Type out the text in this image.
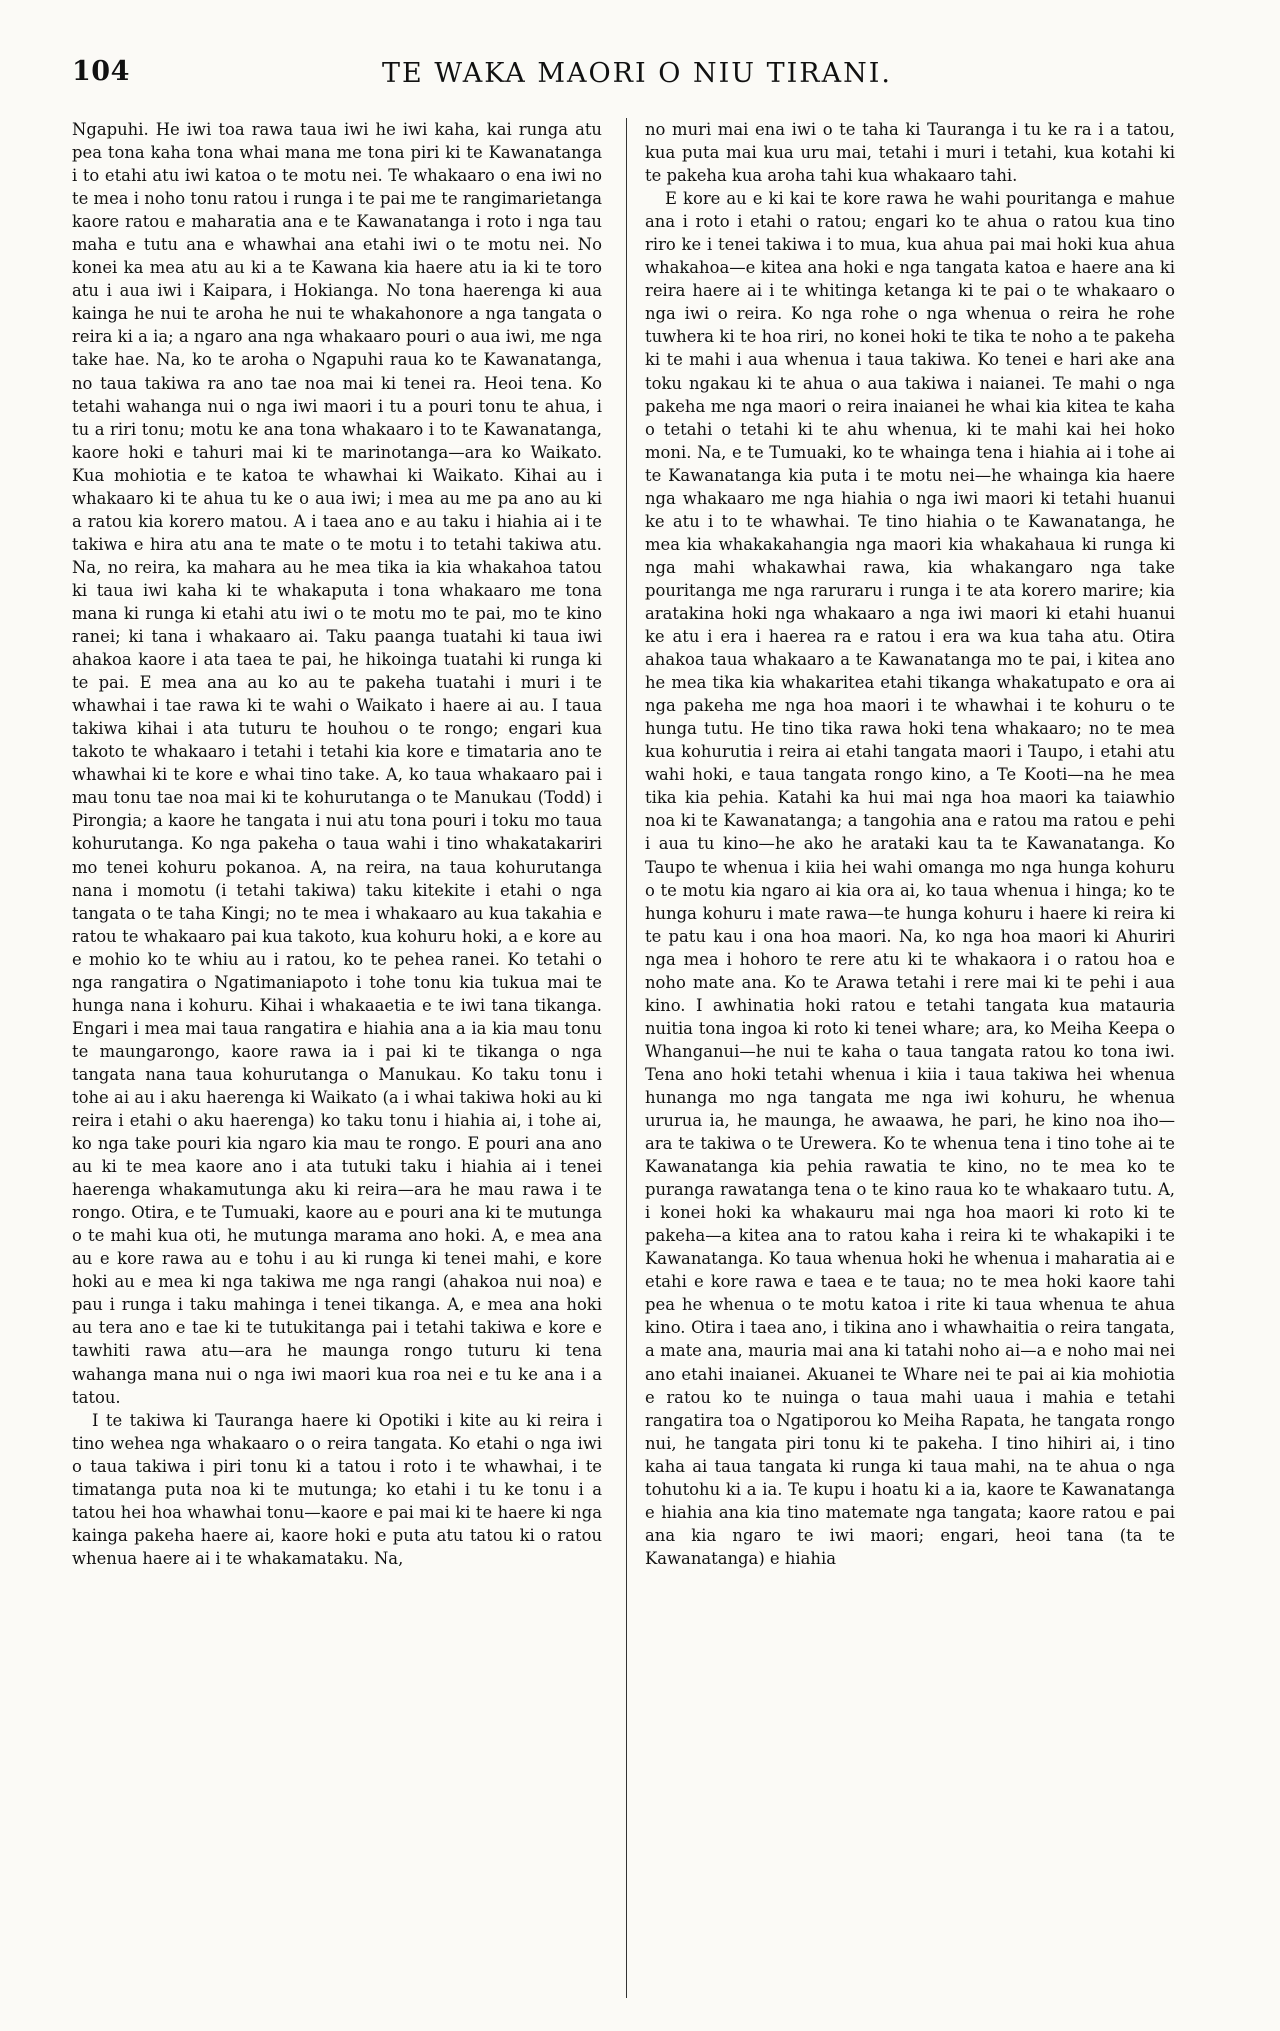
104	TE WAKA MAORI O NIU TIRANI.

Ngapuhi. He iwi toa rawa taua iwi he iwi kaha, kai runga atu pea tona kaha tona whai mana me tona piri ki te Kawanatanga i to etahi atu iwi katoa o te motu nei. Te whakaaro o ena iwi no te mea i noho tonu ratou i runga i te pai me te rangimarietanga kaore ratou e maharatia ana e te Kawanatanga i roto i nga tau maha e tutu ana e whawhai ana etahi iwi o te motu nei. No konei ka mea atu au ki a te Kawana kia haere atu ia ki te toro atu i aua iwi i Kaipara, i Hokianga. No tona haerenga ki aua kainga he nui te aroha he nui te whakahonore a nga tangata o reira ki a ia; a ngaro ana nga whakaaro pouri o aua iwi, me nga take hae. Na, ko te aroha o Ngapuhi raua ko te Kawanatanga, no taua takiwa ra ano tae noa mai ki tenei ra. Heoi tena. Ko tetahi wahanga nui o nga iwi maori i tu a pouri tonu te ahua, i tu a riri tonu; motu ke ana tona whakaaro i to te Kawanatanga, kaore hoki e tahuri mai ki te marinotanga—ara ko Waikato. Kua mohiotia e te katoa te whawhai ki Waikato. Kihai au i whakaaro ki te ahua tu ke o aua iwi; i mea au me pa ano au ki a ratou kia korero matou. A i taea ano e au taku i hiahia ai i te takiwa e hira atu ana te mate o te motu i to tetahi takiwa atu. Na, no reira, ka mahara au he mea tika ia kia whakahoa tatou ki taua iwi kaha ki te whakaputa i tona whakaaro me tona mana ki runga ki etahi atu iwi o te motu mo te pai, mo te kino ranei; ki tana i whakaaro ai. Taku paanga tuatahi ki taua iwi ahakoa kaore i ata taea te pai, he hikoinga tuatahi ki runga ki te pai. E mea ana au ko au te pakeha tuatahi i muri i te whawhai i tae rawa ki te wahi o Waikato i haere ai au. I taua takiwa kihai i ata tuturu te houhou o te rongo; engari kua takoto te whakaaro i tetahi i tetahi kia kore e timataria ano te whawhai ki te kore e whai tino take. A, ko taua whakaaro pai i mau tonu tae noa mai ki te kohurutanga o te Manukau (Todd) i Pirongia; a kaore he tangata i nui atu tona pouri i toku mo taua kohurutanga. Ko nga pakeha o taua wahi i tino whakatakariri mo tenei kohuru pokanoa. A, na reira, na taua kohurutanga nana i momotu (i tetahi takiwa) taku kitekite i etahi o nga tangata o te taha Kingi; no te mea i whakaaro au kua takahia e ratou te whakaaro pai kua takoto, kua kohuru hoki, a e kore au e mohio ko te whiu au i ratou, ko te pehea ranei. Ko tetahi o nga rangatira o Ngatimaniapoto i tohe tonu kia tukua mai te hunga nana i kohuru. Kihai i whakaaetia e te iwi tana tikanga. Engari i mea mai taua rangatira e hiahia ana a ia kia mau tonu te maungarongo, kaore rawa ia i pai ki te tikanga o nga tangata nana taua kohurutanga o Manukau. Ko taku tonu i tohe ai au i aku haerenga ki Waikato (a i whai takiwa hoki au ki reira i etahi o aku haerenga) ko taku tonu i hiahia ai, i tohe ai, ko nga take pouri kia ngaro kia mau te rongo. E pouri ana ano au ki te mea kaore ano i ata tutuki taku i hiahia ai i tenei haerenga whakamutunga aku ki reira—ara he mau rawa i te rongo. Otira, e te Tumuaki, kaore au e pouri ana ki te mutunga o te mahi kua oti, he mutunga marama ano hoki. A, e mea ana au e kore rawa au e tohu i au ki runga ki tenei mahi, e kore hoki au e mea ki nga takiwa me nga rangi (ahakoa nui noa) e pau i runga i taku mahinga i tenei tikanga. A, e mea ana hoki au tera ano e tae ki te tutukitanga pai i tetahi takiwa e kore e tawhiti rawa atu—ara he maunga rongo tuturu ki tena wahanga mana nui o nga iwi maori kua roa nei e tu ke ana i a tatou.

I te takiwa ki Tauranga haere ki Opotiki i kite au ki reira i tino wehea nga whakaaro o o reira tangata. Ko etahi o nga iwi o taua takiwa i piri tonu ki a tatou i roto i te whawhai, i te timatanga puta noa ki te mutunga; ko etahi i tu ke tonu i a tatou hei hoa whawhai tonu—kaore e pai mai ki te haere ki nga kainga pakeha haere ai, kaore hoki e puta atu tatou ki o ratou whenua haere ai i te whakamataku. Na,

no muri mai ena iwi o te taha ki Tauranga i tu ke ra i a tatou, kua puta mai kua uru mai, tetahi i muri i tetahi, kua kotahi ki te pakeha kua aroha tahi kua whakaaro tahi.

E kore au e ki kai te kore rawa he wahi pouritanga e mahue ana i roto i etahi o ratou; engari ko te ahua o ratou kua tino riro ke i tenei takiwa i to mua, kua ahua pai mai hoki kua ahua whakahoa—e kitea ana hoki e nga tangata katoa e haere ana ki reira haere ai i te whitinga ketanga ki te pai o te whakaaro o nga iwi o reira. Ko nga rohe o nga whenua o reira he rohe tuwhera ki te hoa riri, no konei hoki te tika te noho a te pakeha ki te mahi i aua whenua i taua takiwa. Ko tenei e hari ake ana toku ngakau ki te ahua o aua takiwa i naianei. Te mahi o nga pakeha me nga maori o reira inaianei he whai kia kitea te kaha o tetahi o tetahi ki te ahu whenua, ki te mahi kai hei hoko moni. Na, e te Tumuaki, ko te whainga tena i hiahia ai i tohe ai te Kawanatanga kia puta i te motu nei—he whainga kia haere nga whakaaro me nga hiahia o nga iwi maori ki tetahi huanui ke atu i to te whawhai. Te tino hiahia o te Kawanatanga, he mea kia whakakahangia nga maori kia whakahaua ki runga ki nga mahi whakawhai rawa, kia whakangaro nga take pouritanga me nga raruraru i runga i te ata korero marire; kia aratakina hoki nga whakaaro a nga iwi maori ki etahi huanui ke atu i era i haerea ra e ratou i era wa kua taha atu. Otira ahakoa taua whakaaro a te Kawanatanga mo te pai, i kitea ano he mea tika kia whakaritea etahi tikanga whakatupato e ora ai nga pakeha me nga hoa maori i te whawhai i te kohuru o te hunga tutu. He tino tika rawa hoki tena whakaaro; no te mea kua kohurutia i reira ai etahi tangata maori i Taupo, i etahi atu wahi hoki, e taua tangata rongo kino, a Te Kooti—na he mea tika kia pehia. Katahi ka hui mai nga hoa maori ka taiawhio noa ki te Kawanatanga; a tangohia ana e ratou ma ratou e pehi i aua tu kino—he ako he arataki kau ta te Kawanatanga. Ko Taupo te whenua i kiia hei wahi omanga mo nga hunga kohuru o te motu kia ngaro ai kia ora ai, ko taua whenua i hinga; ko te hunga kohuru i mate rawa—te hunga kohuru i haere ki reira ki te patu kau i ona hoa maori. Na, ko nga hoa maori ki Ahuriri nga mea i hohoro te rere atu ki te whakaora i o ratou hoa e noho mate ana. Ko te Arawa tetahi i rere mai ki te pehi i aua kino. I awhinatia hoki ratou e tetahi tangata kua matauria nuitia tona ingoa ki roto ki tenei whare; ara, ko Meiha Keepa o Whanganui—he nui te kaha o taua tangata ratou ko tona iwi. Tena ano hoki tetahi whenua i kiia i taua takiwa hei whenua hunanga mo nga tangata me nga iwi kohuru, he whenua ururua ia, he maunga, he awaawa, he pari, he kino noa iho—ara te takiwa o te Urewera. Ko te whenua tena i tino tohe ai te Kawanatanga kia pehia rawatia te kino, no te mea ko te puranga rawatanga tena o te kino raua ko te whakaaro tutu. A, i konei hoki ka whakauru mai nga hoa maori ki roto ki te pakeha—a kitea ana to ratou kaha i reira ki te whakapiki i te Kawanatanga. Ko taua whenua hoki he whenua i maharatia ai e etahi e kore rawa e taea e te taua; no te mea hoki kaore tahi pea he whenua o te motu katoa i rite ki taua whenua te ahua kino. Otira i taea ano, i tikina ano i whawhaitia o reira tangata, a mate ana, mauria mai ana ki tatahi noho ai—a e noho mai nei ano etahi inaianei. Akuanei te Whare nei te pai ai kia mohiotia e ratou ko te nuinga o taua mahi uaua i mahia e tetahi rangatira toa o Ngatiporou ko Meiha Rapata, he tangata rongo nui, he tangata piri tonu ki te pakeha. I tino hihiri ai, i tino kaha ai taua tangata ki runga ki taua mahi, na te ahua o nga tohutohu ki a ia. Te kupu i hoatu ki a ia, kaore te Kawanatanga e hiahia ana kia tino matemate nga tangata; kaore ratou e pai ana kia ngaro te iwi maori; engari, heoi tana (ta te Kawanatanga) e hiahia
